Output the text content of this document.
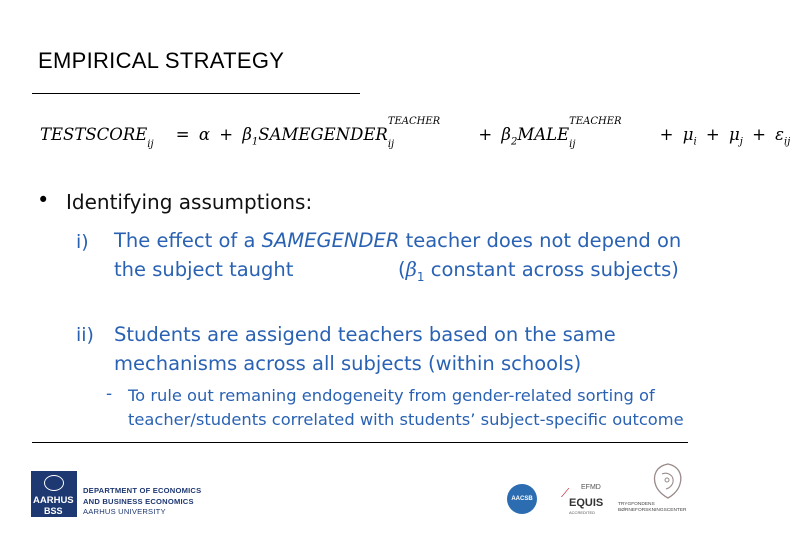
EMPIRICAL STRATEGY
TESTSCORE
ij
= $\alpha + \beta_1SAMEGENDER$
TEACHER
ij
+ $\beta_2MALE$
TEACHER
ij
+ $\mu_i + \mu_j + \varepsilon_{ij}$
• Identifying assumptions:
i) The effect of a SAMEGENDER teacher does not depend on
the subject taught	($\beta_1$ constant across subjects)
ii) Students are assigend teachers based on the same
mechanisms across all subjects (within schools)
- To rule out remaning endogeneity from gender-related sorting of
teacher/students correlated with students’ subject-specific outcome
AARHUS
BSS
DEPARTMENT OF ECONOMICS
AND BUSINESS ECONOMICS
AARHUS UNIVERSITY
AACSB	⟋ EFMD
EQUIS
ACCREDITED
TRYGFONDENS
BØRNEFORSKNINGSCENTER
